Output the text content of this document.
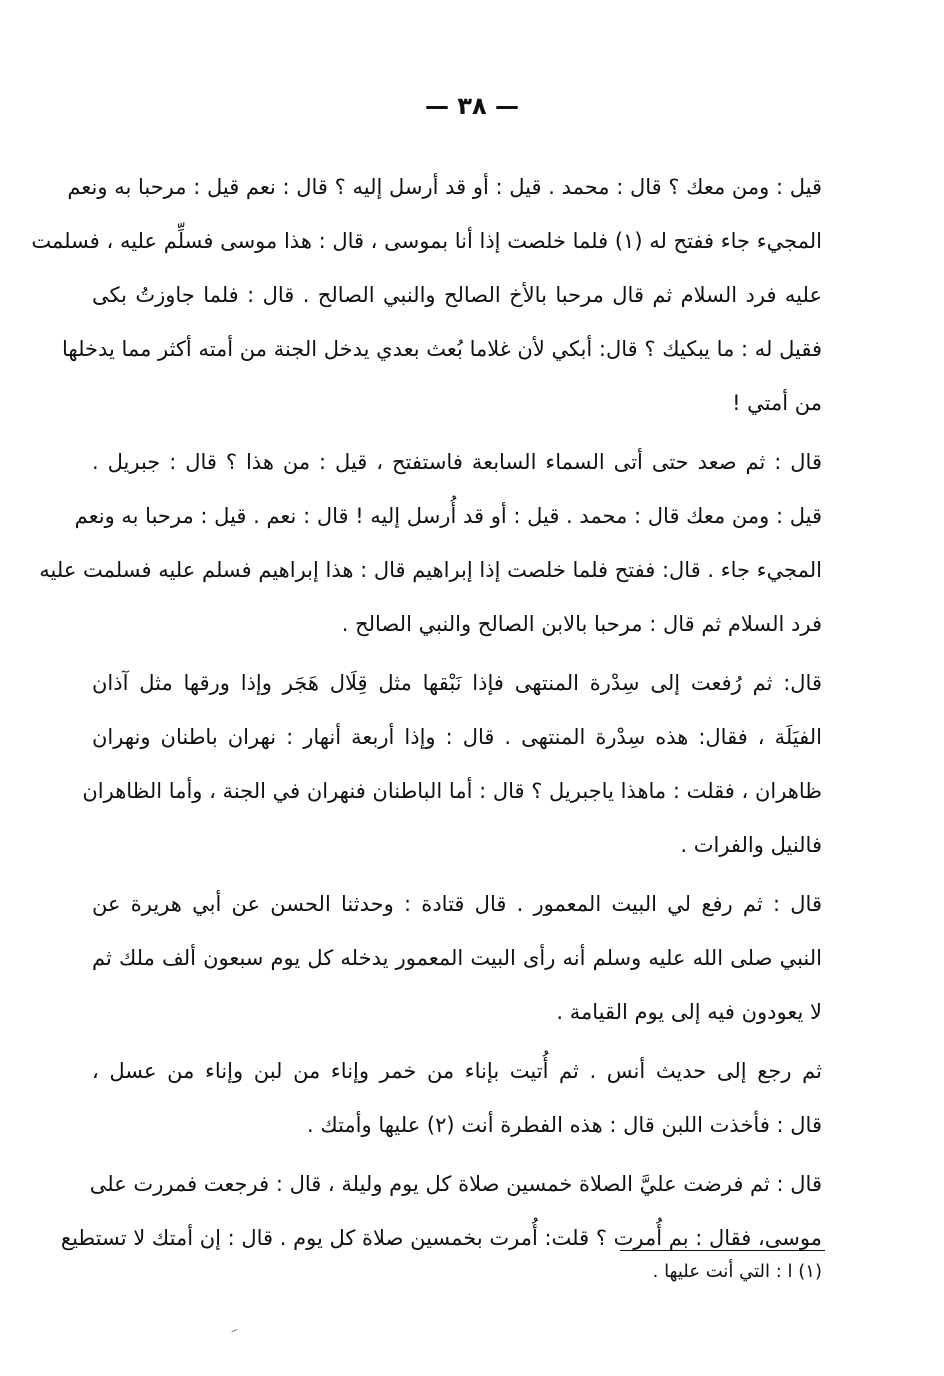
— ٣٨ —
قيل : ومن معك ؟ قال : محمد . قيل : أو قد أرسل إليه ؟ قال : نعم قيل : مرحبا به ونعم
المجيء جاء ففتح له (١) فلما خلصت إذا أنا بموسى ، قال : هذا موسى فسلِّم عليه ، فسلمت
عليه فرد السلام ثم قال مرحبا بالأخ الصالح والنبي الصالح . قال : فلما جاوزتُ بكى
فقيل له : ما يبكيك ؟ قال: أبكي لأن غلاما بُعث بعدي يدخل الجنة من أمته أكثر مما يدخلها
من أمتي !
قال : ثم صعد حتى أتى السماء السابعة فاستفتح ، قيل : من هذا ؟ قال : جبريل .
قيل : ومن معك قال : محمد . قيل : أو قد أُرسل إليه ! قال : نعم . قيل : مرحبا به ونعم
المجيء جاء . قال: ففتح فلما خلصت إذا إبراهيم قال : هذا إبراهيم فسلم عليه فسلمت عليه
فرد السلام ثم قال : مرحبا بالابن الصالح والنبي الصالح .
قال: ثم رُفعت إلى سِدْرة المنتهى فإذا نَبْقها مثل قِلَال هَجَر وإذا ورقها مثل آذان
الفيَلَة ، فقال: هذه سِدْرة المنتهى . قال : وإذا أربعة أنهار : نهران باطنان ونهران
ظاهران ، فقلت : ماهذا ياجبريل ؟ قال : أما الباطنان فنهران في الجنة ، وأما الظاهران
فالنيل والفرات .
قال : ثم رفع لي البيت المعمور . قال قتادة : وحدثنا الحسن عن أبي هريرة عن
النبي صلى الله عليه وسلم أنه رأى البيت المعمور يدخله كل يوم سبعون ألف ملك ثم
لا يعودون فيه إلى يوم القيامة .
ثم رجع إلى حديث أنس . ثم أُتيت بإناء من خمر وإناء من لبن وإناء من عسل ،
قال : فأخذت اللبن قال : هذه الفطرة أنت (٢) عليها وأمتك .
قال : ثم فرضت عليَّ الصلاة خمسين صلاة كل يوم وليلة ، قال : فرجعت فمررت على
موسى، فقال : بم أُمرت ؟ قلت: أُمرت بخمسين صلاة كل يوم . قال : إن أمتك لا تستطيع
(١) ا : التي أنت عليها .
